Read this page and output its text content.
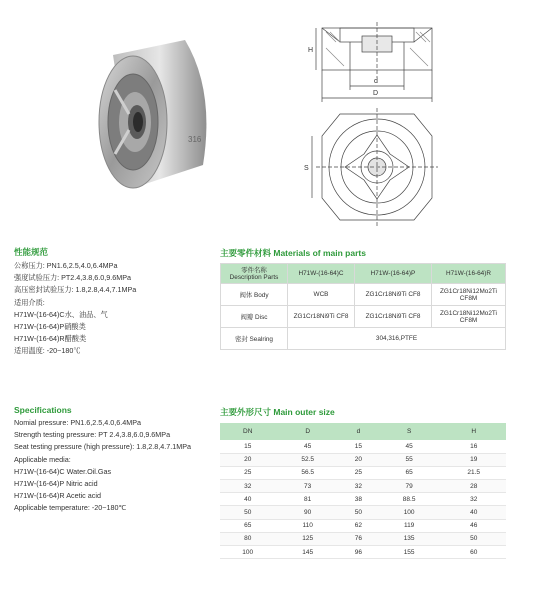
316
H
d
D
S
性能规范
公称压力: PN1.6,2.5,4.0,6.4MPa
强度试验压力: PT2.4,3.8,6.0,9.6MPa
高压密封试验压力: 1.8,2.8,4.4,7.1MPa
适用介质:
H71W-(16-64)C水、油品、气
H71W-(16-64)P硝酸类
H71W-(16-64)R醋酸类
适用温度: -20~180℃
Specifications
Nomial pressure: PN1.6,2.5,4.0,6.4MPa
Strength testing pressure: PT 2.4,3.8,6.0,9.6MPa
Seat testing pressure (high pressure): 1.8,2.8,4.7.1MPa
Applicable media:
H71W-(16-64)C Water.Oil.Gas
H71W-(16-64)P Nitric acid
H71W-(16-64)R Acetic acid
Applicable temperature: -20~180℃
主要零件材料 Materials of main parts
零件名称
Description Parts	H71W-(16-64)C	H71W-(16-64)P	H71W-(16-64)R
阀体 Body	WCB	ZG1Cr18Ni9Ti CF8	ZG1Cr18Ni12Mo2Ti CF8M
阀瓣 Disc	ZG1Cr18Ni9Ti CF8	ZG1Cr18Ni9Ti CF8	ZG1Cr18Ni12Mo2Ti CF8M
密封 Sealring	304,316,PTFE		
主要外形尺寸 Main outer size
DN	D	d	S	H
15	45	15	45	16
20	52.5	20	55	19
25	56.5	25	65	21.5
32	73	32	79	28
40	81	38	88.5	32
50	90	50	100	40
65	110	62	119	46
80	125	76	135	50
100	145	96	155	60
